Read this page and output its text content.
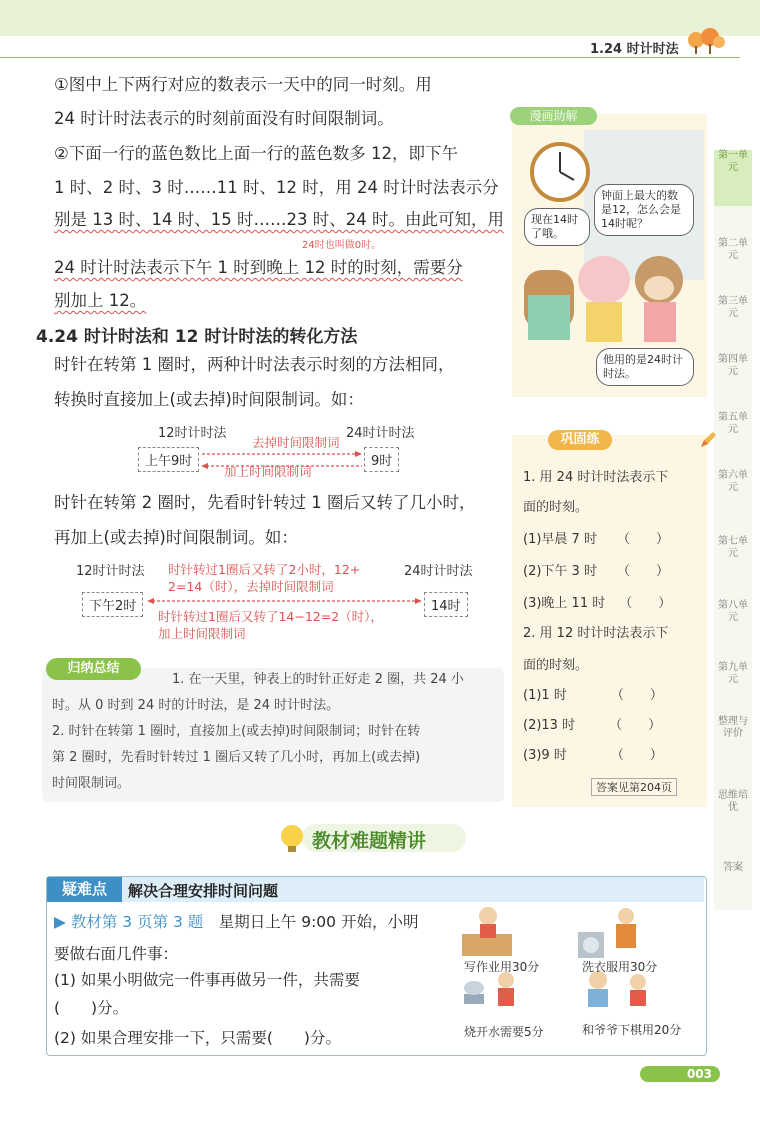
1.24 时计时法
第一单元
第二单元
第三单元
第四单元
第五单元
第六单元
第七单元
第八单元
第九单元
整理与评价
思维培优
答案
①图中上下两行对应的数表示一天中的同一时刻。用
24 时计时法表示的时刻前面没有时间限制词。
②下面一行的蓝色数比上面一行的蓝色数多 12，即下午
1 时、2 时、3 时……11 时、12 时，用 24 时计时法表示分
别是 13 时、14 时、15 时……23 时、24 时。由此可知，用
24时也叫做0时。
24 时计时法表示下午 1 时到晚上 12 时的时刻，需要分
别加上 12。
4.24 时计时法和 12 时计时法的转化方法
时针在转第 1 圈时，两种计时法表示时刻的方法相同，
转换时直接加上(或去掉)时间限制词。如：
12时计时法	24时计时法
上午9时	9时
去掉时间限制词
加上时间限制词
时针在转第 2 圈时，先看时针转过 1 圈后又转了几小时，
再加上(或去掉)时间限制词。如：
12时计时法	24时计时法
下午2时	14时
时针转过1圈后又转了2小时，12+
2=14（时），去掉时间限制词
时针转过1圈后又转了14−12=2（时），
加上时间限制词
归纳总结
1. 在一天里，钟表上的时针正好走 2 圈，共 24 小
时。从 0 时到 24 时的计时法，是 24 时计时法。
2. 时针在转第 1 圈时，直接加上(或去掉)时间限制词；时针在转
第 2 圈时，先看时针转过 1 圈后又转了几小时，再加上(或去掉)
时间限制词。
漫画助解
现在14时了哦。
钟面上最大的数是12，怎么会是14时呢？
他用的是24时计时法。
巩固练
1. 用 24 时计时法表示下
面的时刻。
(1)早晨 7 时 （　　）
(2)下午 3 时 （　　）
(3)晚上 11 时 （　　）
2. 用 12 时计时法表示下
面的时刻。
(1)1 时	（　　）
(2)13 时	（　　）
(3)9 时	（　　）
答案见第204页
教材难题精讲
疑难点	解决合理安排时间问题
▶ 教材第 3 页第 3 题　 星期日上午 9:00 开始，小明
要做右面几件事：
(1) 如果小明做完一件事再做另一件，共需要
(　　)分。
(2) 如果合理安排一下，只需要(　　)分。
写作业用30分	洗衣服用30分
烧开水需要5分	和爷爷下棋用20分
003
